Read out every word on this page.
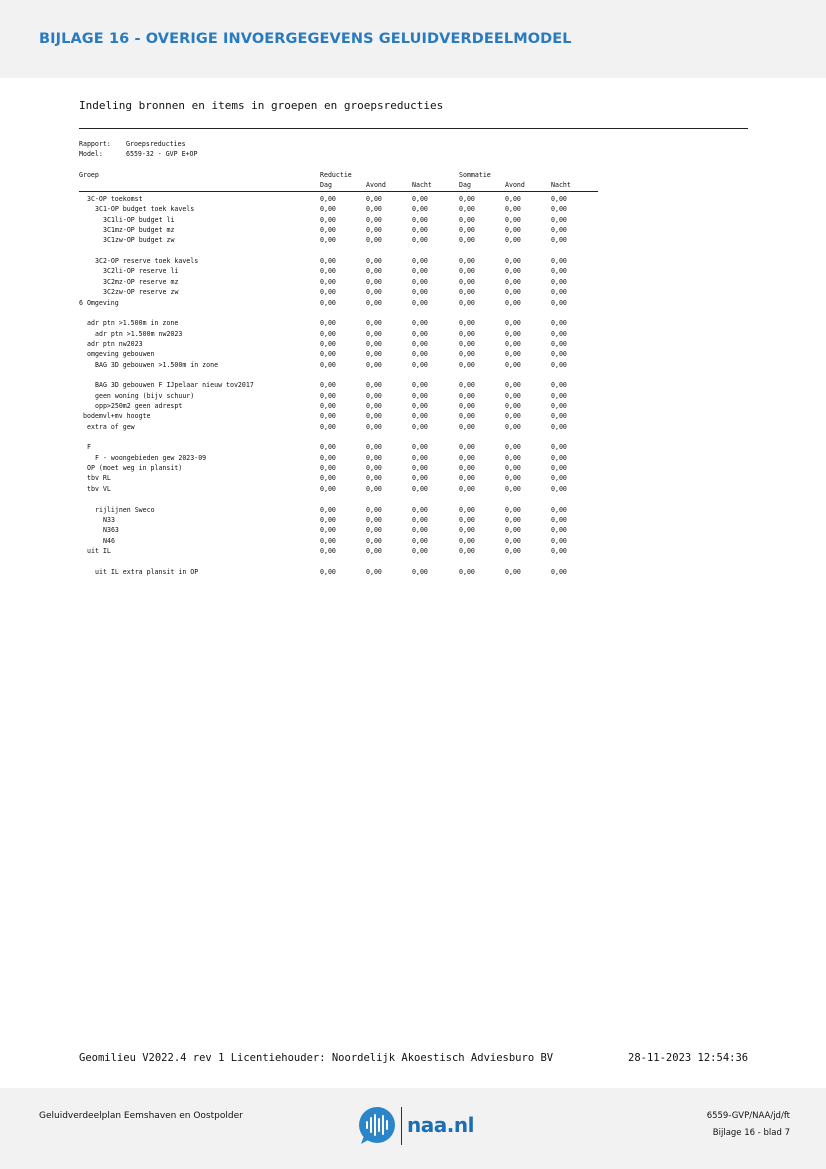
BIJLAGE 16 - OVERIGE INVOERGEGEVENS GELUIDVERDEELMODEL
Indeling bronnen en items in groepen en groepsreducties
Rapport: Groepsreducties
Model:	6559-32 - GVP E+OP
Groep	Reductie	Sommatie
Dag	Avond	Nacht	Dag	Avond	Nacht
3C-OP toekomst	0,00	0,00	0,00	0,00	0,00	0,00
3C1-OP budget toek kavels	0,00	0,00	0,00	0,00	0,00	0,00
3C1li-OP budget li	0,00	0,00	0,00	0,00	0,00	0,00
3C1mz-OP budget mz	0,00	0,00	0,00	0,00	0,00	0,00
3C1zw-OP budget zw	0,00	0,00	0,00	0,00	0,00	0,00
3C2-OP reserve toek kavels	0,00	0,00	0,00	0,00	0,00	0,00
3C2li-OP reserve li	0,00	0,00	0,00	0,00	0,00	0,00
3C2mz-OP reserve mz	0,00	0,00	0,00	0,00	0,00	0,00
3C2zw-OP reserve zw	0,00	0,00	0,00	0,00	0,00	0,00
6 Omgeving	0,00	0,00	0,00	0,00	0,00	0,00
adr ptn >1.500m in zone	0,00	0,00	0,00	0,00	0,00	0,00
adr ptn >1.500m nw2023	0,00	0,00	0,00	0,00	0,00	0,00
adr ptn nw2023	0,00	0,00	0,00	0,00	0,00	0,00
omgeving gebouwen	0,00	0,00	0,00	0,00	0,00	0,00
BAG 3D gebouwen >1.500m in zone	0,00	0,00	0,00	0,00	0,00	0,00
BAG 3D gebouwen F IJpelaar nieuw tov2017	0,00	0,00	0,00	0,00	0,00	0,00
geen woning (bijv schuur)	0,00	0,00	0,00	0,00	0,00	0,00
opp>250m2 geen adrespt	0,00	0,00	0,00	0,00	0,00	0,00
bodemvl+mv hoogte	0,00	0,00	0,00	0,00	0,00	0,00
extra of gew	0,00	0,00	0,00	0,00	0,00	0,00
F	0,00	0,00	0,00	0,00	0,00	0,00
F - woongebieden gew 2023-09	0,00	0,00	0,00	0,00	0,00	0,00
OP (moet weg in plansit)	0,00	0,00	0,00	0,00	0,00	0,00
tbv RL	0,00	0,00	0,00	0,00	0,00	0,00
tbv VL	0,00	0,00	0,00	0,00	0,00	0,00
rijlijnen Sweco	0,00	0,00	0,00	0,00	0,00	0,00
N33	0,00	0,00	0,00	0,00	0,00	0,00
N363	0,00	0,00	0,00	0,00	0,00	0,00
N46	0,00	0,00	0,00	0,00	0,00	0,00
uit IL	0,00	0,00	0,00	0,00	0,00	0,00
uit IL extra plansit in OP	0,00	0,00	0,00	0,00	0,00	0,00
Geomilieu V2022.4 rev 1 Licentiehouder: Noordelijk Akoestisch Adviesburo BV	28-11-2023 12:54:36
Geluidverdeelplan Eemshaven en Oostpolder	6559-GVP/NAA/jd/ft
Bijlage 16 - blad 7
naa.nl
